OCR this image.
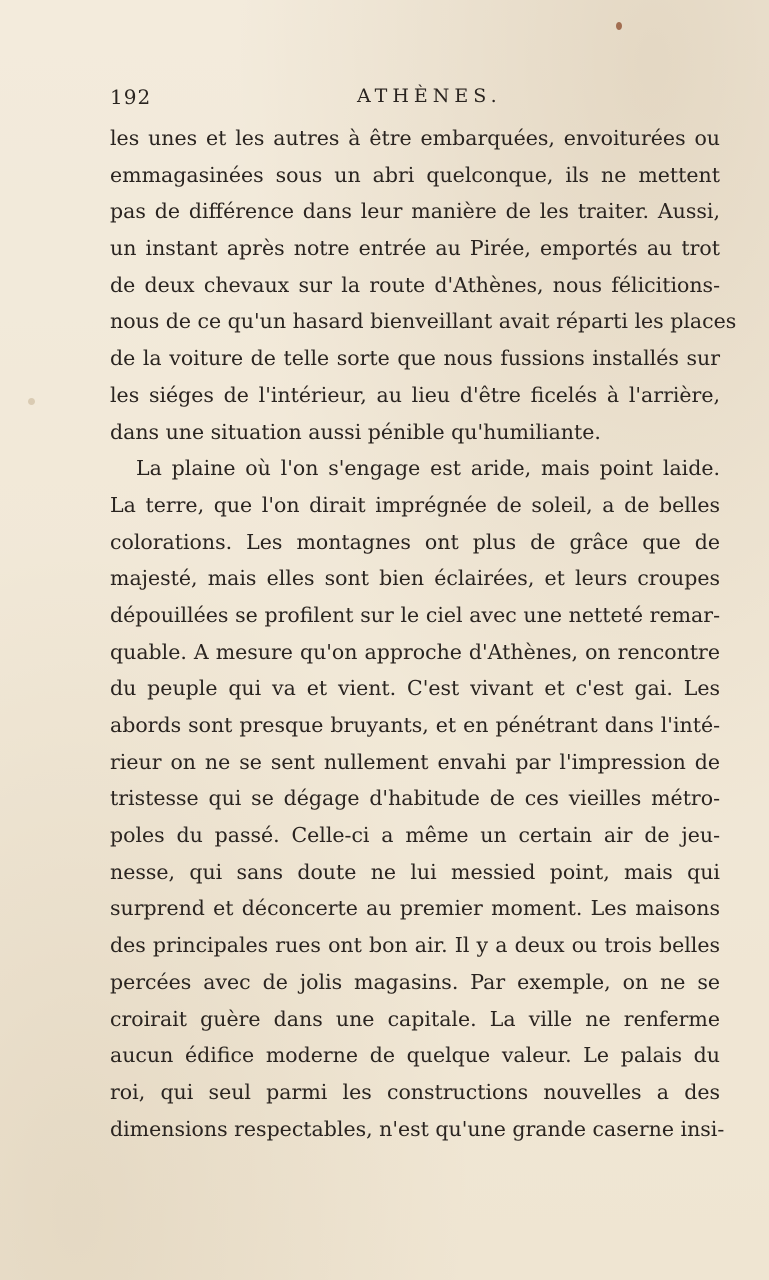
192	ATHÈNES.
les unes et les autres à être embarquées, envoiturées ou
emmagasinées sous un abri quelconque, ils ne mettent
pas de différence dans leur manière de les traiter. Aussi,
un instant après notre entrée au Pirée, emportés au trot
de deux chevaux sur la route d'Athènes, nous félicitions-
nous de ce qu'un hasard bienveillant avait réparti les places
de la voiture de telle sorte que nous fussions installés sur
les siéges de l'intérieur, au lieu d'être ficelés à l'arrière,
dans une situation aussi pénible qu'humiliante.
La plaine où l'on s'engage est aride, mais point laide.
La terre, que l'on dirait imprégnée de soleil, a de belles
colorations. Les montagnes ont plus de grâce que de
majesté, mais elles sont bien éclairées, et leurs croupes
dépouillées se profilent sur le ciel avec une netteté remar-
quable. A mesure qu'on approche d'Athènes, on rencontre
du peuple qui va et vient. C'est vivant et c'est gai. Les
abords sont presque bruyants, et en pénétrant dans l'inté-
rieur on ne se sent nullement envahi par l'impression de
tristesse qui se dégage d'habitude de ces vieilles métro-
poles du passé. Celle-ci a même un certain air de jeu-
nesse, qui sans doute ne lui messied point, mais qui
surprend et déconcerte au premier moment. Les maisons
des principales rues ont bon air. Il y a deux ou trois belles
percées avec de jolis magasins. Par exemple, on ne se
croirait guère dans une capitale. La ville ne renferme
aucun édifice moderne de quelque valeur. Le palais du
roi, qui seul parmi les constructions nouvelles a des
dimensions respectables, n'est qu'une grande caserne insi-
